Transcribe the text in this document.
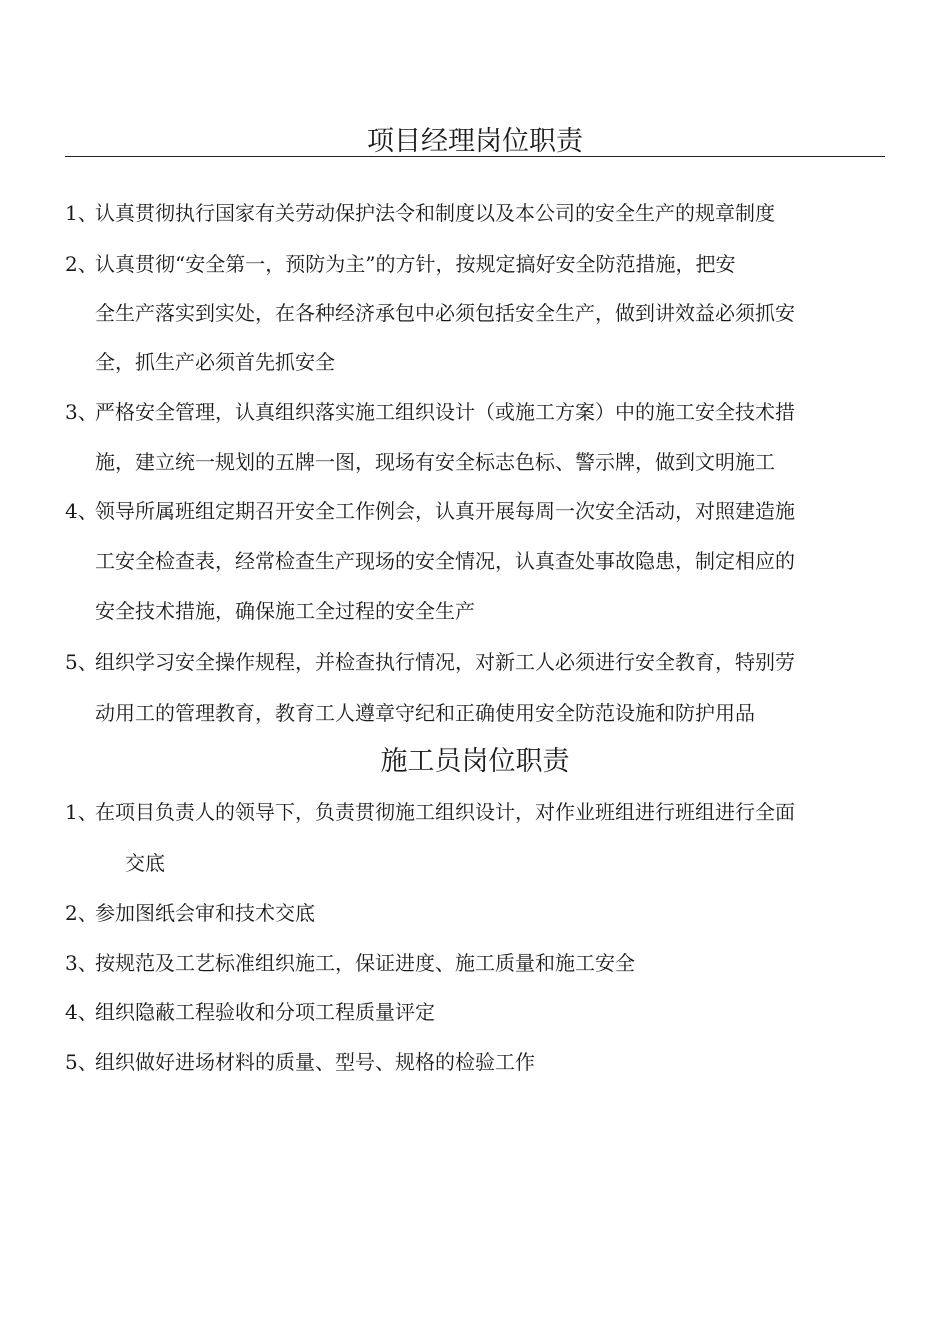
项目经理岗位职责
1、认真贯彻执行国家有关劳动保护法令和制度以及本公司的安全生产的规章制度
2、认真贯彻“安全第一，预防为主”的方针，按规定搞好安全防范措施，把安
全生产落实到实处，在各种经济承包中必须包括安全生产，做到讲效益必须抓安
全，抓生产必须首先抓安全
3、严格安全管理，认真组织落实施工组织设计（或施工方案）中的施工安全技术措
施，建立统一规划的五牌一图，现场有安全标志色标、警示牌，做到文明施工
4、领导所属班组定期召开安全工作例会，认真开展每周一次安全活动，对照建造施
工安全检查表，经常检查生产现场的安全情况，认真查处事故隐患，制定相应的
安全技术措施，确保施工全过程的安全生产
5、组织学习安全操作规程，并检查执行情况，对新工人必须进行安全教育，特别劳
动用工的管理教育，教育工人遵章守纪和正确使用安全防范设施和防护用品
施工员岗位职责
1、在项目负责人的领导下，负责贯彻施工组织设计，对作业班组进行班组进行全面
交底
2、参加图纸会审和技术交底
3、按规范及工艺标准组织施工，保证进度、施工质量和施工安全
4、组织隐蔽工程验收和分项工程质量评定
5、组织做好进场材料的质量、型号、规格的检验工作
